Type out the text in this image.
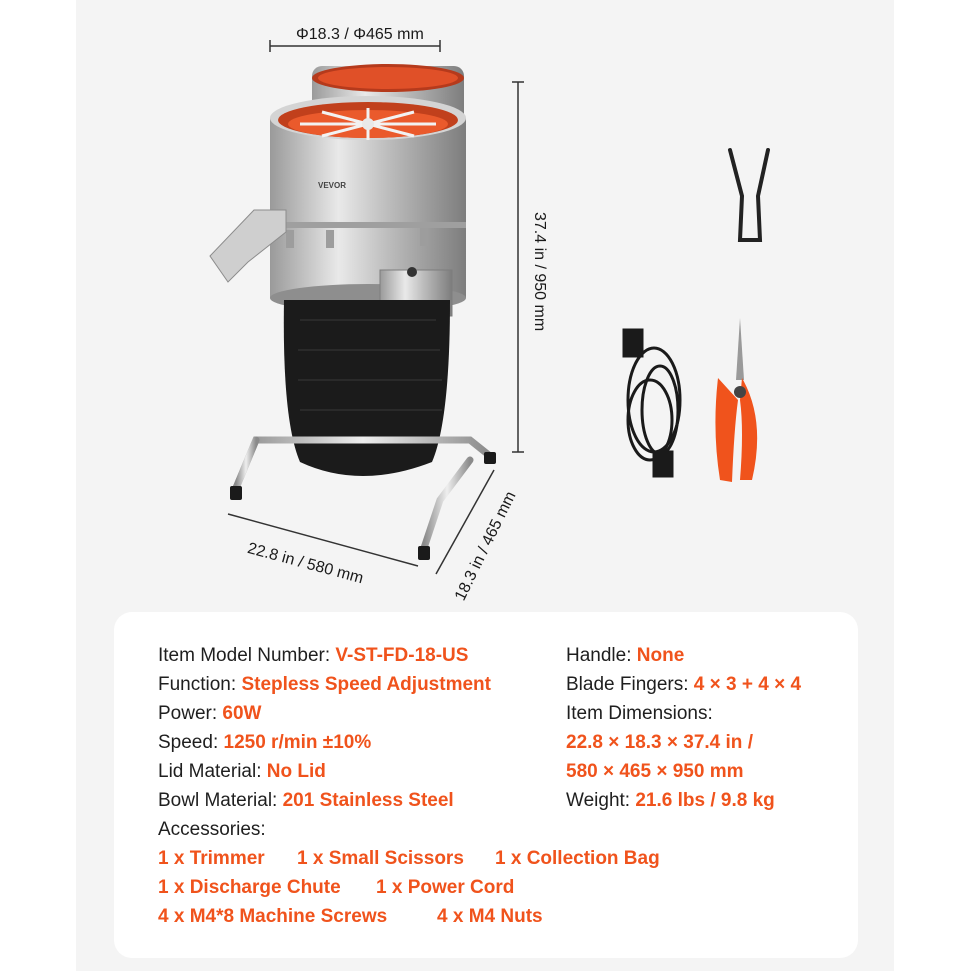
VEVOR
Φ18.3 / Φ465 mm
37.4 in / 950 mm
22.8 in / 580 mm	18.3 in / 465 mm
Item Model Number: V-ST-FD-18-US
Function: Stepless Speed Adjustment
Power: 60W
Speed: 1250 r/min ±10%
Lid Material: No Lid
Bowl Material: 201 Stainless Steel
Accessories:
1 x Trimmer 1 x Small Scissors 1 x Collection Bag
1 x Discharge Chute 1 x Power Cord
4 x M4*8 Machine Screws	4 x M4 Nuts
Handle: None
Blade Fingers: 4 × 3 + 4 × 4
Item Dimensions:
22.8 × 18.3 × 37.4 in /
580 × 465 × 950 mm
Weight: 21.6 lbs / 9.8 kg
